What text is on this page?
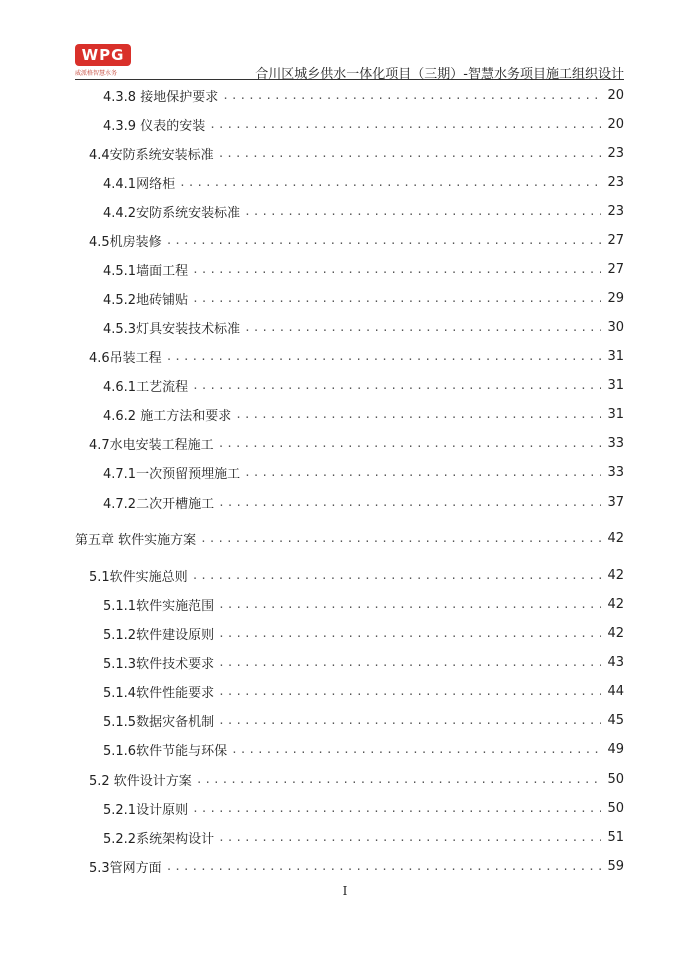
WPG
威派格智慧水务	合川区城乡供水一体化项目（三期）-智慧水务项目施工组织设计
4.3.8 接地保护要求 .....	20
4.3.9 仪表的安装 .....	20
4.4安防系统安装标准 .....	23
4.4.1网络柜 .....	23
4.4.2安防系统安装标准 .....	23
4.5机房装修 .....	27
4.5.1墙面工程 .....	27
4.5.2地砖铺贴 .....	29
4.5.3灯具安装技术标准 .....	30
4.6吊装工程 .....	31
4.6.1工艺流程 .....	31
4.6.2 施工方法和要求 .....	31
4.7水电安装工程施工 .....	33
4.7.1一次预留预埋施工 .....	33
4.7.2二次开槽施工 .....	37
第五章 软件实施方案 .....	42
5.1软件实施总则 .....	42
5.1.1软件实施范围 .....	42
5.1.2软件建设原则 .....	42
5.1.3软件技术要求 .....	43
5.1.4软件性能要求 .....	44
5.1.5数据灾备机制 .....	45
5.1.6软件节能与环保 .....	49
5.2 软件设计方案 .....	50
5.2.1设计原则 .....	50
5.2.2系统架构设计 .....	51
5.3管网方面 .....	59
I
